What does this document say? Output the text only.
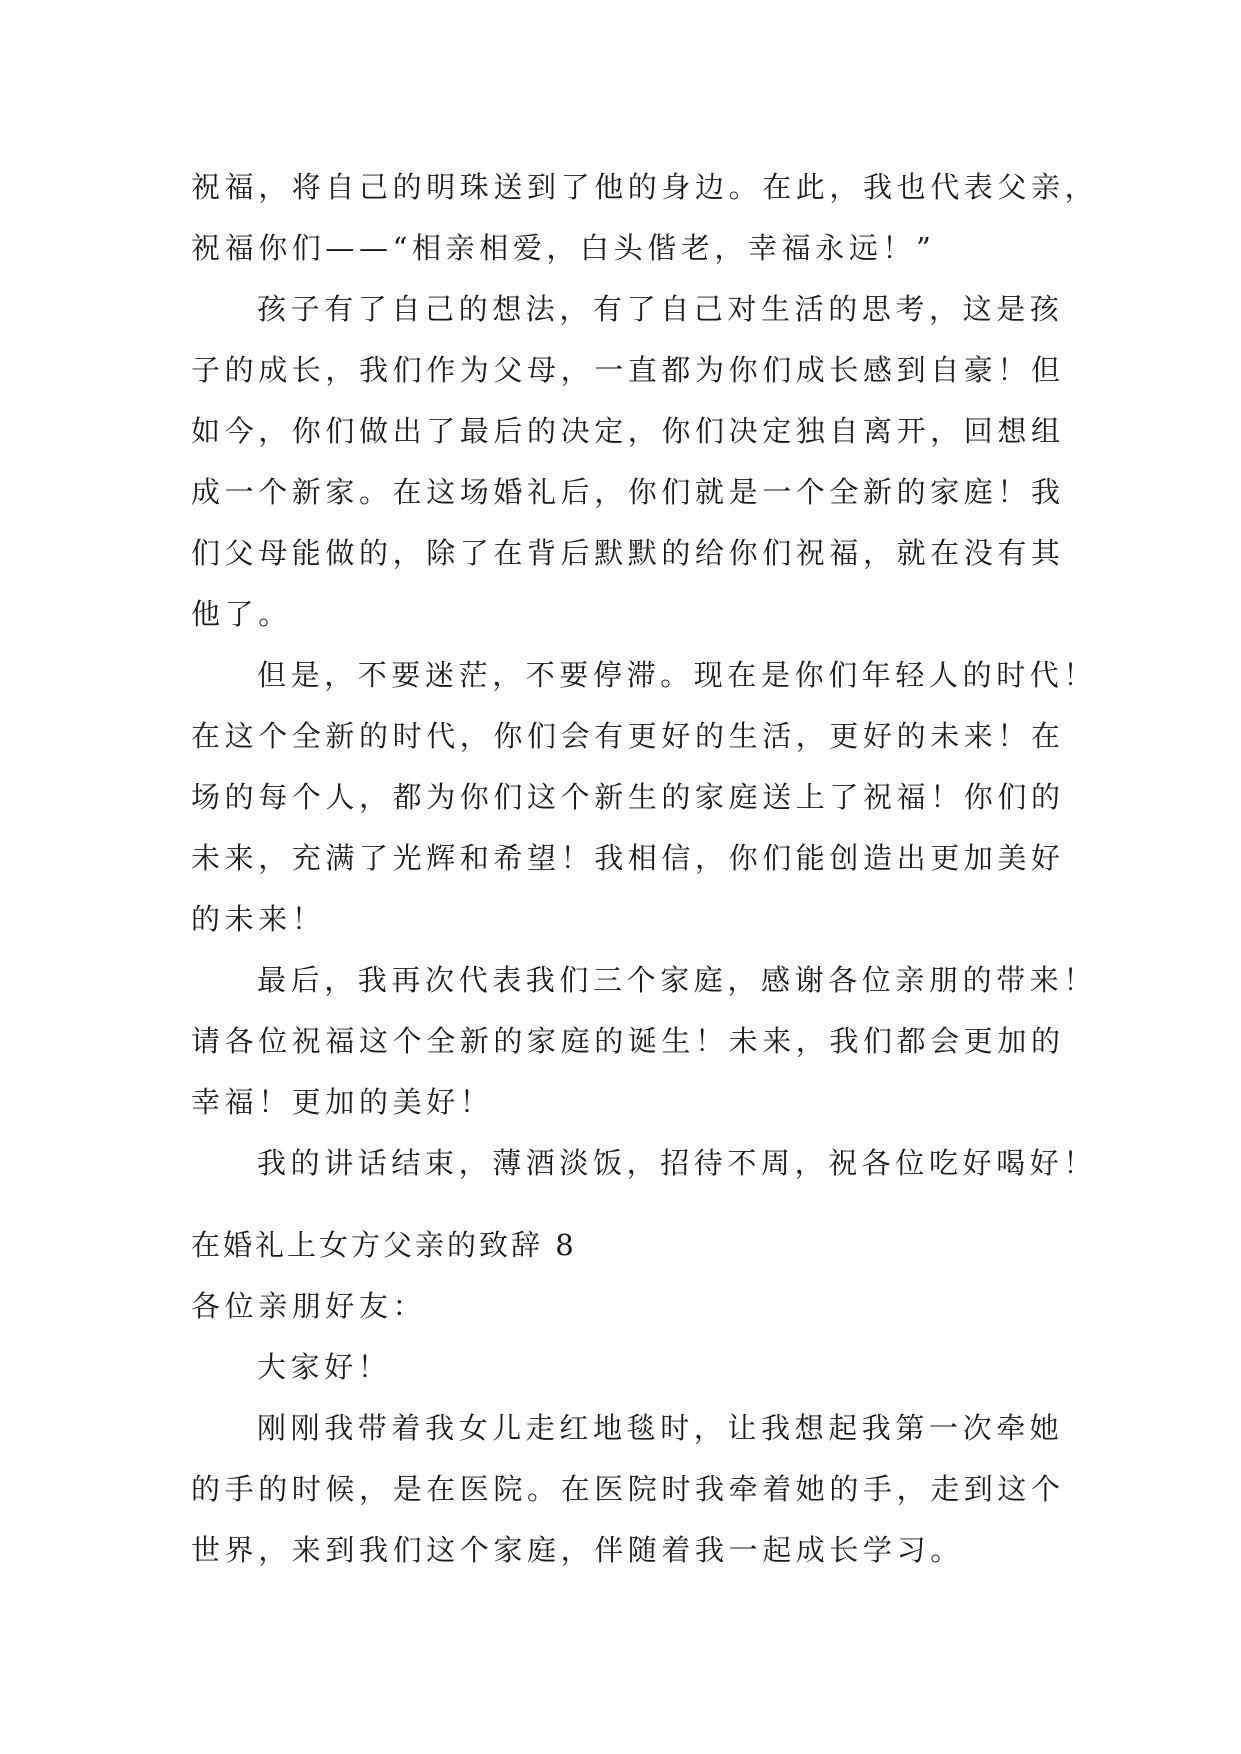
祝福，将自己的明珠送到了他的身边。在此，我也代表父亲，
祝福你们——“相亲相爱，白头偕老，幸福永远！”
孩子有了自己的想法，有了自己对生活的思考，这是孩
子的成长，我们作为父母，一直都为你们成长感到自豪！但
如今，你们做出了最后的决定，你们决定独自离开，回想组
成一个新家。在这场婚礼后，你们就是一个全新的家庭！我
们父母能做的，除了在背后默默的给你们祝福，就在没有其
他了。
但是，不要迷茫，不要停滞。现在是你们年轻人的时代！
在这个全新的时代，你们会有更好的生活，更好的未来！在
场的每个人，都为你们这个新生的家庭送上了祝福！你们的
未来，充满了光辉和希望！我相信，你们能创造出更加美好
的未来！
最后，我再次代表我们三个家庭，感谢各位亲朋的带来！
请各位祝福这个全新的家庭的诞生！未来，我们都会更加的
幸福！更加的美好！
我的讲话结束，薄酒淡饭，招待不周，祝各位吃好喝好！
在婚礼上女方父亲的致辞 8
各位亲朋好友：
大家好！
刚刚我带着我女儿走红地毯时，让我想起我第一次牵她
的手的时候，是在医院。在医院时我牵着她的手，走到这个
世界，来到我们这个家庭，伴随着我一起成长学习。
